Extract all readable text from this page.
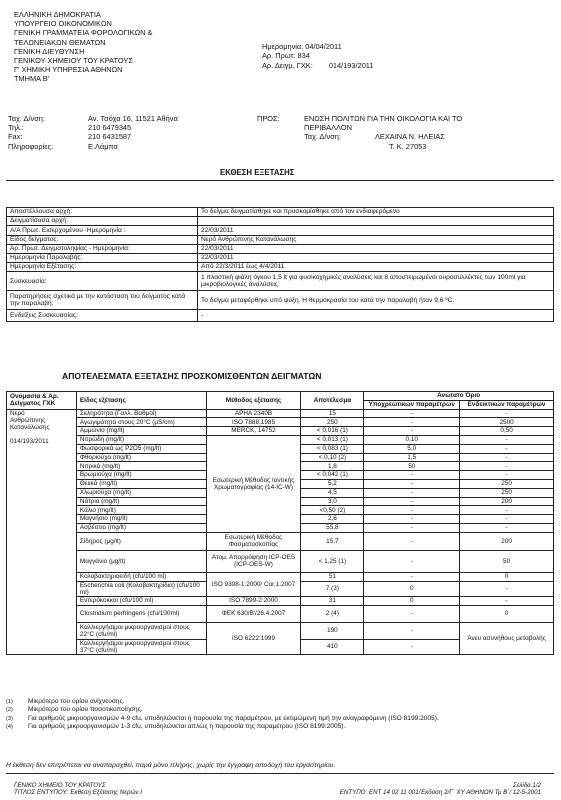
ΕΛΛΗΝΙΚΗ ΔΗΜΟΚΡΑΤΙΑ
ΥΠΟΥΡΓΕΙΟ ΟΙΚΟΝΟΜΙΚΩΝ
ΓΕΝΙΚΗ ΓΡΑΜΜΑΤΕΙΑ ΦΟΡΟΛΟΓΙΚΩΝ &
ΤΕΛΩΝΕΙΑΚΩΝ ΘΕΜΑΤΩΝ
ΓΕΝΙΚΗ ΔΙΕΥΘΥΝΣΗ
ΓΕΝΙΚΟΥ ΧΗΜΕΙΟΥ ΤΟΥ ΚΡΑΤΟΥΣ
Γ' ΧΗΜΙΚΗ ΥΠΗΡΕΣΙΑ ΑΘΗΝΩΝ
ΤΜΗΜΑ Β'
Ημερομηνία: 04/04/2011
Αρ. Πρωτ: 834
Αρ. Δειγμ. ΓΧΚ: 014/193/2011
Ταχ. Δ/νση:
Τηλ.:
Fax:
Πληροφορίες:
Αν. Τσόχα 16, 11521 Αθήνα
210 6479345
210 6431587
Ε.Λάμπα
ΠΡΟΣ:	ΕΝΩΣΗ ΠΟΛΙΤΩΝ ΓΙΑ ΤΗΝ ΟΙΚΟΛΟΓΙΑ ΚΑΙ ΤΟ
ΠΕΡΙΒΑΛΛΟΝ
Ταχ. Δ/νση:	ΛΕΧΑΙΝΑ Ν. ΗΛΕΙΑΣ
Τ. Κ. 27053
ΕΚΘΕΣΗ ΕΞΕΤΑΣΗΣ
Αποστέλλουσα αρχή:	Το δείγμα δειγματίσθηκε και προσκομίσθηκε από τον ενδιαφερόμενο
Δειγματίσασα αρχή:	
Α/Α Πρωτ. Εισερχομένου -Ημερομηνία :	22/03/2011
Είδος δείγματος:	Νερό Ανθρώπινης Κατανάλωσης
Αρ. Πρωτ. Δειγματοληψίας - Ημερομηνία:	22/03/2011
Ημερομηνία Παραλαβής:	22/03/2011
Ημερομηνία Εξέτασης:	Από 22/3/2011 έως 4/4/2011
Συσκευασία:	1 πλαστική φιάλη όγκου 1,5 lt για φυσικοχημικές αναλύσεις και 8 αποστειρωμένοι ουροσυλλέκτες των 100ml για μικροβιολογικές αναλύσεις
Παρατηρήσεις σχετικά με την κατάσταση του δείγματος κατά την παραλαβή:	Το δείγμα μεταφέρθηκε υπό ψύξη. Η θερμοκρασία του κατά την παραλαβή ήταν 9,6 ºC.
Ενδείξεις Συσκευασίας:	-
ΑΠΟΤΕΛΕΣΜΑΤΑ ΕΞΕΤΑΣΗΣ ΠΡΟΣΚΟΜΙΣΘΕΝΤΩΝ ΔΕΙΓΜΑΤΩΝ
Ονομασία & Αρ. Δείγματος ΓΧΚ	Είδος εξέτασης	Μέθοδος εξέτασης	Αποτέλεσμα	Ανώτατο Όριο	
				Υποχρεωτικών παραμέτρων	Ενδεικτικών παραμέτρων

Νερό
Ανθρώπινης
Κατανάλωσης
014/193/2011	Σκληρότητα (Γαλλ. Βαθμοί)	APHA 2340B	15	-	-
	Αγωγιμότητα στους 20°C (μS/cm)	ISO 7888:1985	250	-	2500
	Αμμώνιο (mg/lt)	MERCK, 14752	< 0,016 (1)	-	0,50
	Νιτρώδη (mg/lt)	Εσωτερική Μέθοδος Ιοντικής Χρωματογραφίας (14-IC-W)	< 0,013 (1)	0,10	-
	Φωσφορικά ως P2O5 (mg/lt)		< 0,083 (1)	5,0	-
	Φθοριούχα (mg/lt)		< 0,10 (2)	1,5	-
	Νιτρικά (mg/lt)		1,8	50	-
	Βρωμιούχα (mg/lt)		< 0,042 (1)	-	-
	Θειικά (mg/lt)		5,2	-	250
	Χλωριούχα (mg/lt)		4,5	-	250
	Νάτριο (mg/lt)		3,0	-	200
	Κάλιο (mg/lt)		<0,50 (2)	-	-
	Μαγνήσιο (mg/lt)		2,6	-	-
	Ασβέστιο (mg/lt)		55,8	-	-
	Σίδηρος (μg/lt)	Εσωτερική Μέθοδος Φασματοσκοπίας	15,7	-	200
	Μαγγάνιο (μg/lt)	Ατομ. Απορρόφηση ICP-OES (ICP-OES-W)	< 1,25 (1)	-	50
	Κολοβακτηριοειδή (cfu/100 ml)	ISO 9308-1:2000/ Cor.1:2007	51	-	0
	Escherichia coli (Κολοβακτηρίδια) (cfu/100 ml)		7 (3)	0	-
	Εντερόκοκκοι (cfu/100 ml)	ISO 7899-2:2000	31	0	-
	Clostridium perfringens (cfu/100ml)	ΦΕΚ 630/Β'/26.4.2007	2 (4)	-	0
	Καλλιεργήσιμοι μικροοργανισμοί στους 22°C (cfu/ml)	ISO 6222:1999	190	-	Άνευ ασυνήθους μεταβολής
	Καλλιεργήσιμοι μικροοργανισμοί στους 37°C (cfu/ml)		410	-	
(1)	Μικρότερο του ορίου ανίχνευσης.
(2)	Μικρότερο του ορίου ποσοτικοποίησης.
(3)	Για αριθμούς μικροοργανισμών 4-9 cfu, υποδηλώνεται η παρουσία της παραμέτρου, με εκτιμώμενη τιμή την αναγραφόμενη (ISO 8199:2005).
(4)	Για αριθμούς μικροοργανισμών 1-3 cfu, υποδηλώνεται απλώς η παρουσία της παραμέτρου (ISO 8199:2005).
Η έκθεση δεν επιτρέπεται να αναπαραχθεί, παρά μόνο πλήρης, χωρίς την έγγραφη αποδοχή του εργαστηρίου.
ΓΕΝΙΚΟ ΧΗΜΕΙΟ ΤΟΥ ΚΡΑΤΟΥΣ
ΤΙΤΛΟΣ ΕΝΤΥΠΟΥ: Έκθεση Εξέτασης Νερών Ι
Σελίδα 1/2
ΕΝΤΥΠΟ: ΕΝΤ 14 02 11 001/Έκδοση 2/Γ΄ ΧΥ ΑΘΗΝΩΝ Τμ Β΄/ 12-5-2001
